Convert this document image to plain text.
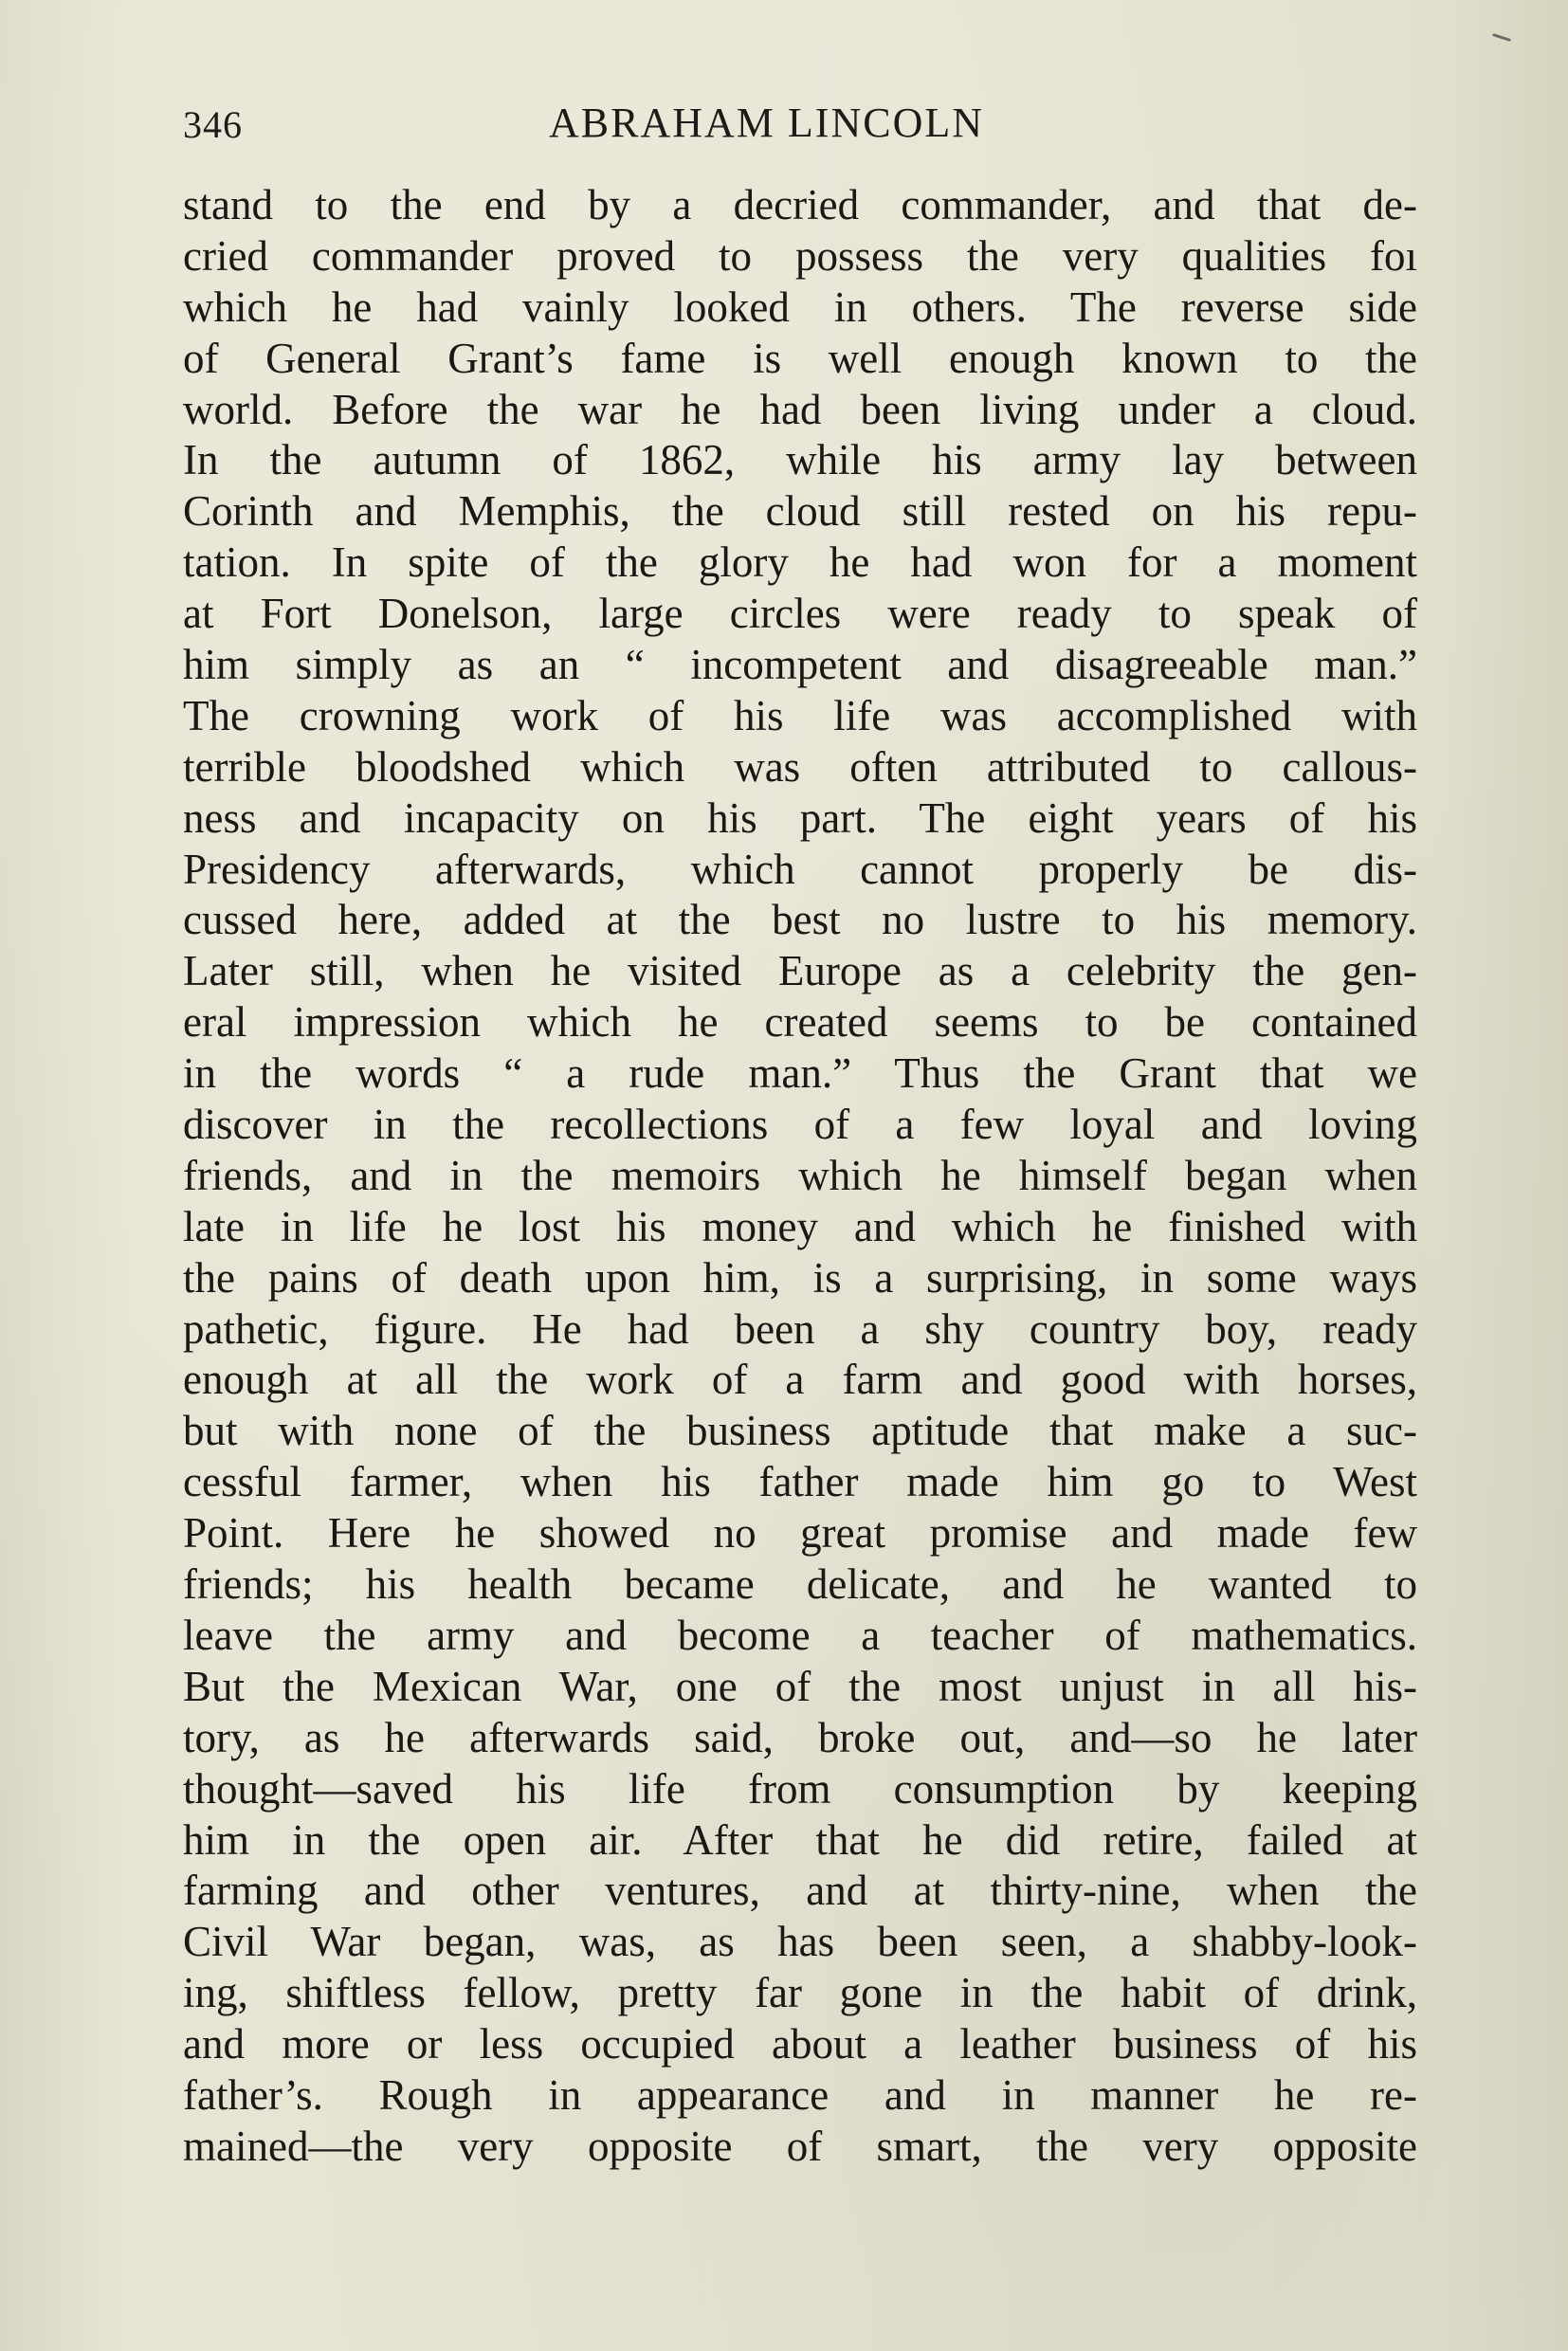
346	ABRAHAM LINCOLN
stand to the end by a decried commander, and that de-
cried commander proved to possess the very qualities foı
which he had vainly looked in others. The reverse side
of General Grant’s fame is well enough known to the
world. Before the war he had been living under a cloud.
In the autumn of 1862, while his army lay between
Corinth and Memphis, the cloud still rested on his repu-
tation. In spite of the glory he had won for a moment
at Fort Donelson, large circles were ready to speak of
him simply as an “ incompetent and disagreeable man.”
The crowning work of his life was accomplished with
terrible bloodshed which was often attributed to callous-
ness and incapacity on his part. The eight years of his
Presidency afterwards, which cannot properly be dis-
cussed here, added at the best no lustre to his memory.
Later still, when he visited Europe as a celebrity the gen-
eral impression which he created seems to be contained
in the words “ a rude man.” Thus the Grant that we
discover in the recollections of a few loyal and loving
friends, and in the memoirs which he himself began when
late in life he lost his money and which he finished with
the pains of death upon him, is a surprising, in some ways
pathetic, figure. He had been a shy country boy, ready
enough at all the work of a farm and good with horses,
but with none of the business aptitude that make a suc-
cessful farmer, when his father made him go to West
Point. Here he showed no great promise and made few
friends; his health became delicate, and he wanted to
leave the army and become a teacher of mathematics.
But the Mexican War, one of the most unjust in all his-
tory, as he afterwards said, broke out, and—so he later
thought—saved his life from consumption by keeping
him in the open air. After that he did retire, failed at
farming and other ventures, and at thirty-nine, when the
Civil War began, was, as has been seen, a shabby-look-
ing, shiftless fellow, pretty far gone in the habit of drink,
and more or less occupied about a leather business of his
father’s. Rough in appearance and in manner he re-
mained—the very opposite of smart, the very opposite
